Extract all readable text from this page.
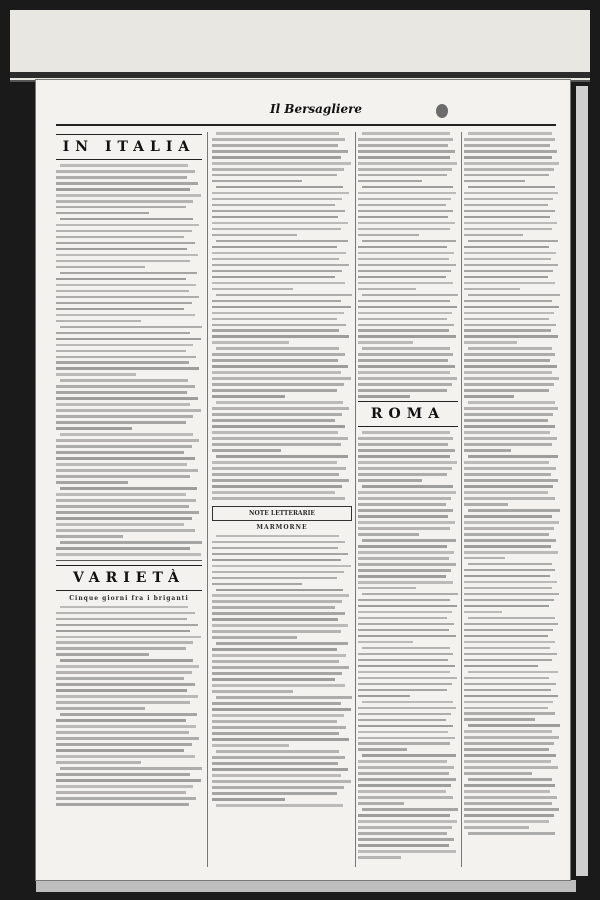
Il Bersagliere
IN ITALIA
VARIETÀ
Cinque giorni fra i briganti
NOTE LETTERARIE
MARMORNE
ROMA
